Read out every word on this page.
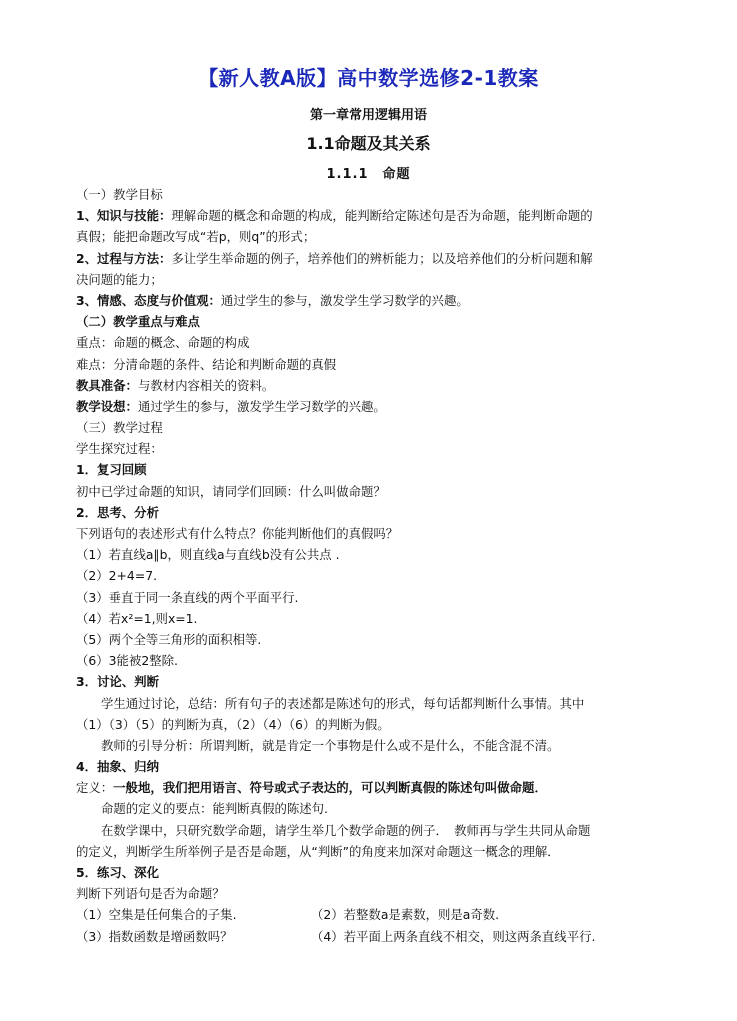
【新人教A版】高中数学选修2-1教案
第一章常用逻辑用语
1.1命题及其关系
1.1.1　命题
（一）教学目标
1、知识与技能：理解命题的概念和命题的构成，能判断给定陈述句是否为命题，能判断命题的
真假；能把命题改写成“若p，则q”的形式；
2、过程与方法：多让学生举命题的例子，培养他们的辨析能力；以及培养他们的分析问题和解
决问题的能力；
3、情感、态度与价值观：通过学生的参与，激发学生学习数学的兴趣。
（二）教学重点与难点
重点：命题的概念、命题的构成
难点：分清命题的条件、结论和判断命题的真假
教具准备：与教材内容相关的资料。
教学设想：通过学生的参与，激发学生学习数学的兴趣。
（三）教学过程
学生探究过程：
1．复习回顾
初中已学过命题的知识，请同学们回顾：什么叫做命题？
2．思考、分析
下列语句的表述形式有什么特点？你能判断他们的真假吗？
（1）若直线a∥b，则直线a与直线b没有公共点 .
（2）2+4=7.
（3）垂直于同一条直线的两个平面平行.
（4）若x²=1,则x=1.
（5）两个全等三角形的面积相等.
（6）3能被2整除.
3．讨论、判断
学生通过讨论，总结：所有句子的表述都是陈述句的形式，每句话都判断什么事情。其中
（1）（3）（5）的判断为真，（2）（4）（6）的判断为假。
教师的引导分析：所谓判断，就是肯定一个事物是什么或不是什么，不能含混不清。
4．抽象、归纳
定义：一般地，我们把用语言、符号或式子表达的，可以判断真假的陈述句叫做命题．
命题的定义的要点：能判断真假的陈述句.
在数学课中，只研究数学命题，请学生举几个数学命题的例子．　教师再与学生共同从命题
的定义，判断学生所举例子是否是命题，从“判断”的角度来加深对命题这一概念的理解．
5．练习、深化
判断下列语句是否为命题？
（1）空集是任何集合的子集.	（2）若整数a是素数，则是a奇数.
（3）指数函数是增函数吗？	（4）若平面上两条直线不相交，则这两条直线平行.
